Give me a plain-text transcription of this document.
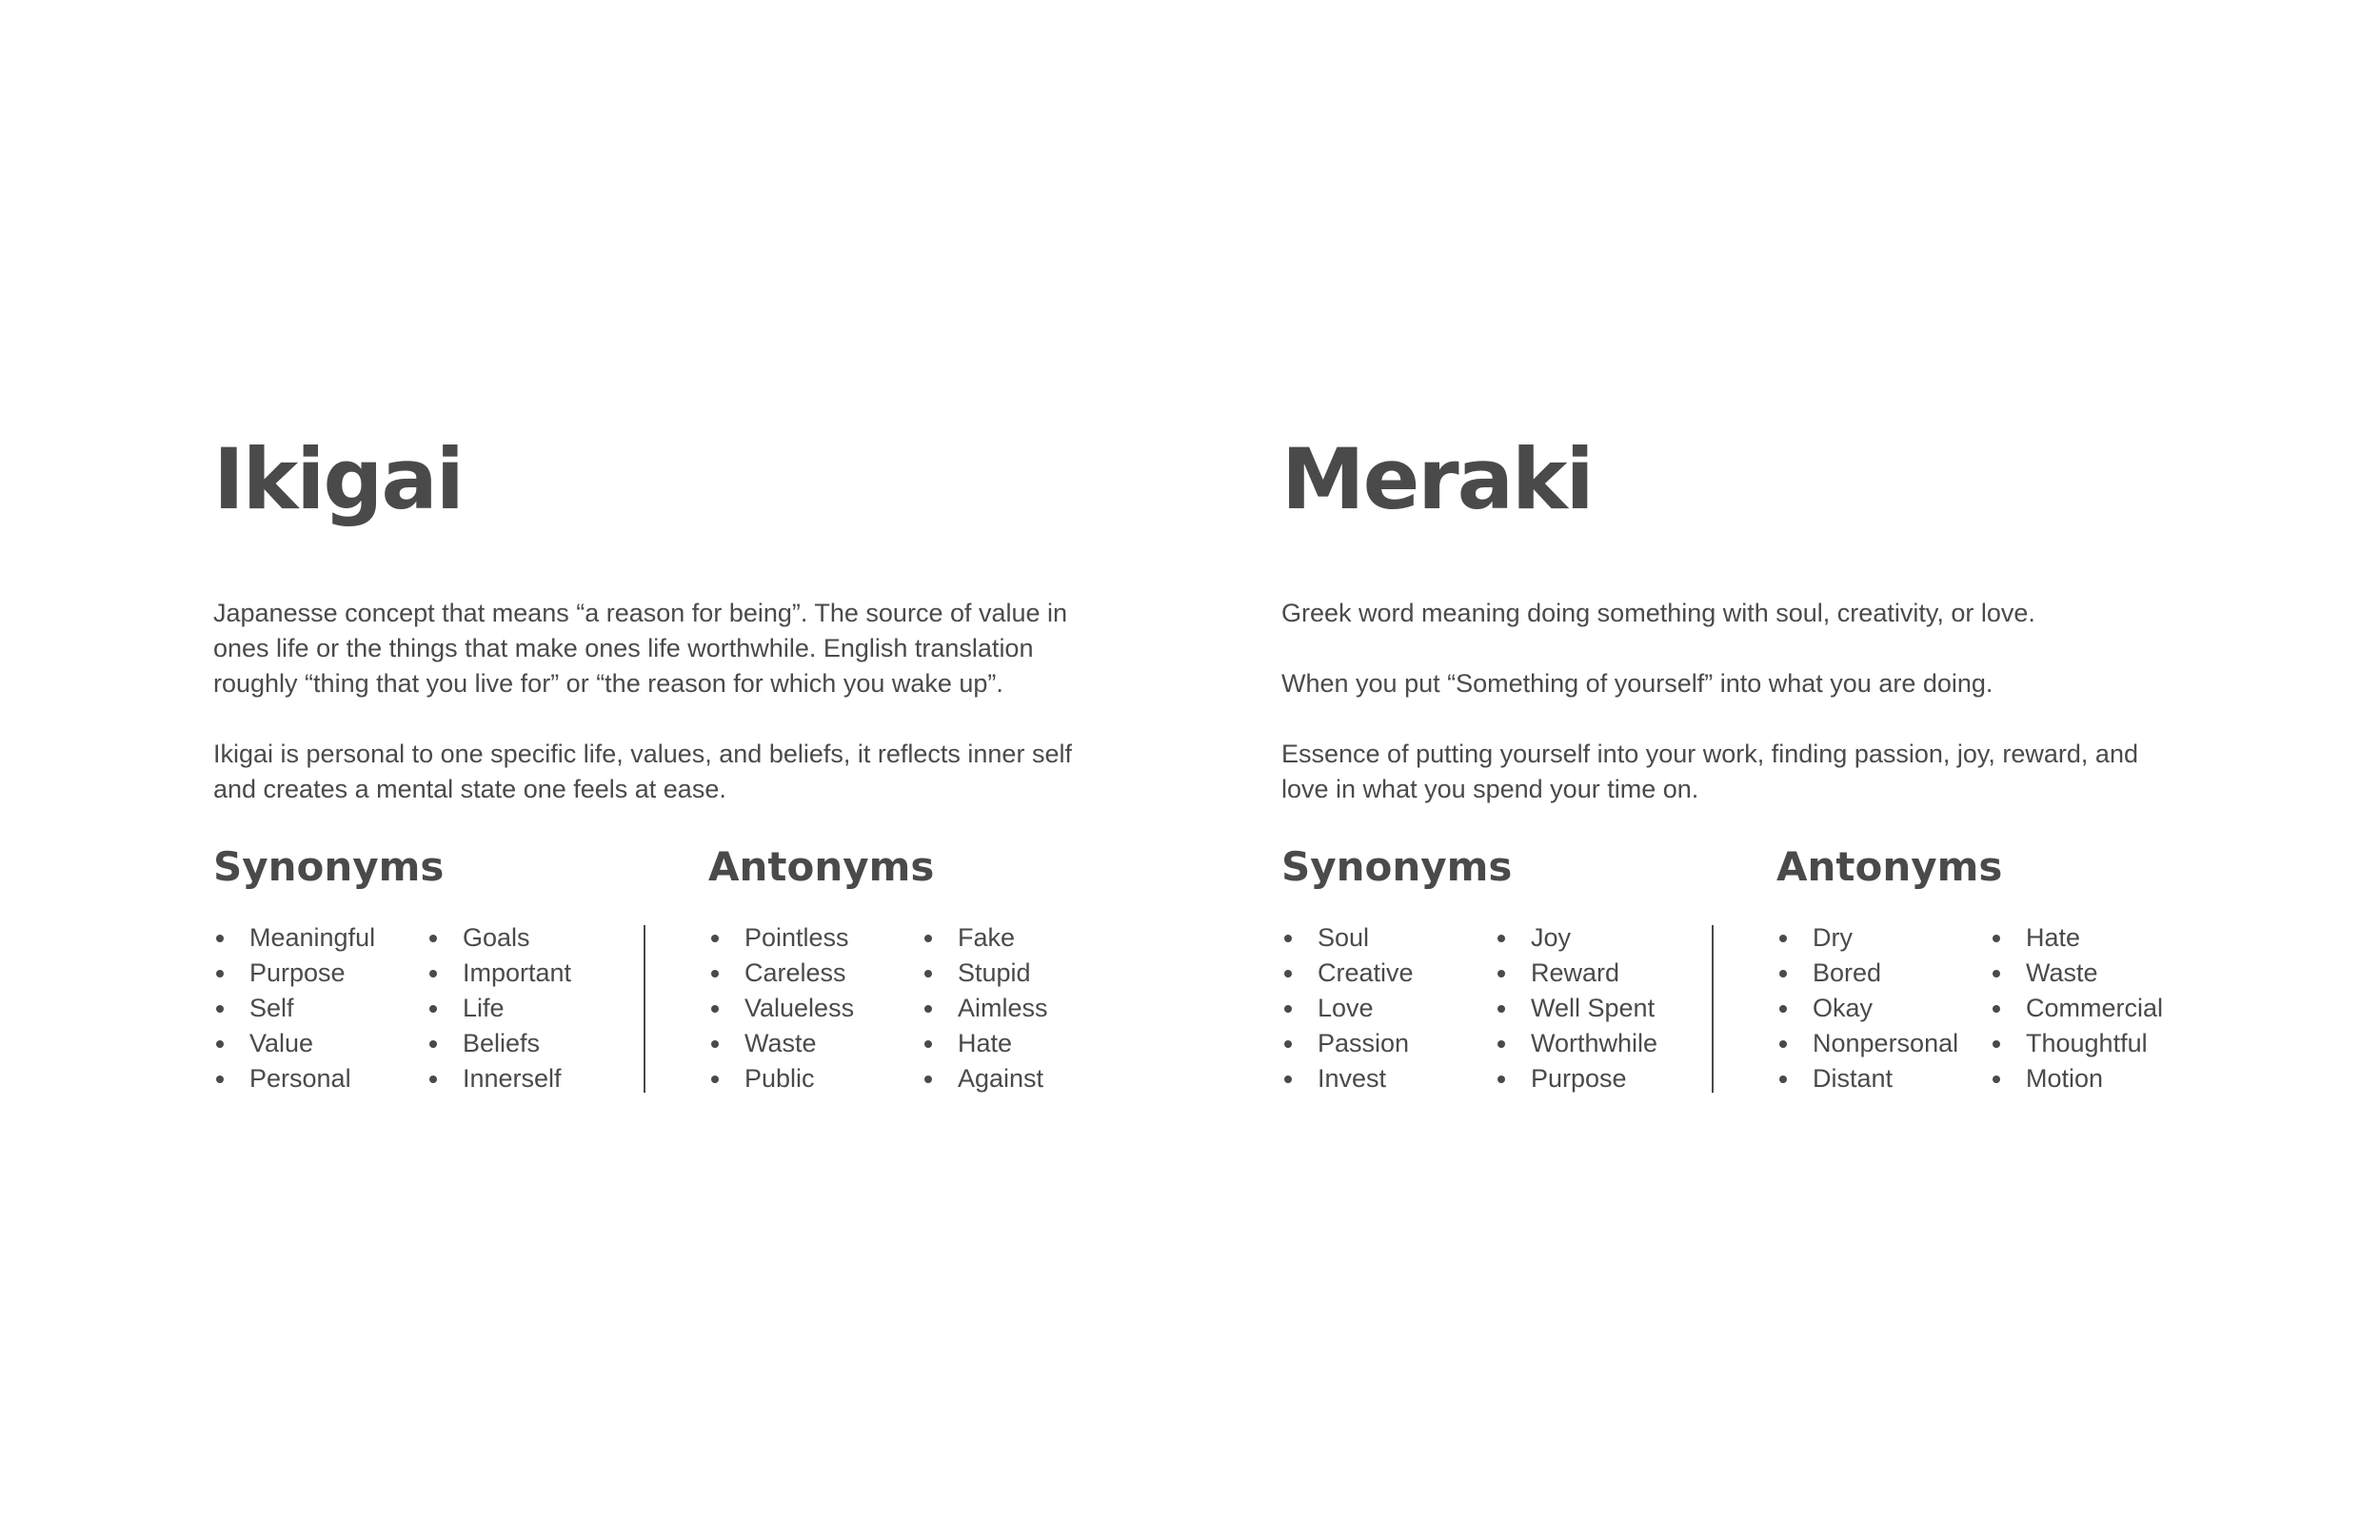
Ikigai

Japanesse concept that means “a reason for being”. The source of value in ones life or the things that make ones life worthwhile. English translation roughly “thing that you live for” or “the reason for which you wake up”.

Ikigai is personal to one specific life, values, and beliefs, it reflects inner self and creates a mental state one feels at ease.

Synonyms
Meaningful
Purpose
Self
Value
Personal
Goals
Important
Life
Beliefs
Innerself
Antonyms
Pointless
Careless
Valueless
Waste
Public
Fake
Stupid
Aimless
Hate
Against
Meraki

Greek word meaning doing something with soul, creativity, or love.

When you put “Something of yourself” into what you are doing.

Essence of putting yourself into your work, finding passion, joy, reward, and love in what you spend your time on.

Synonyms
Soul
Creative
Love
Passion
Invest
Joy
Reward
Well Spent
Worthwhile
Purpose
Antonyms
Dry
Bored
Okay
Nonpersonal
Distant
Hate
Waste
Commercial
Thoughtful
Motion
